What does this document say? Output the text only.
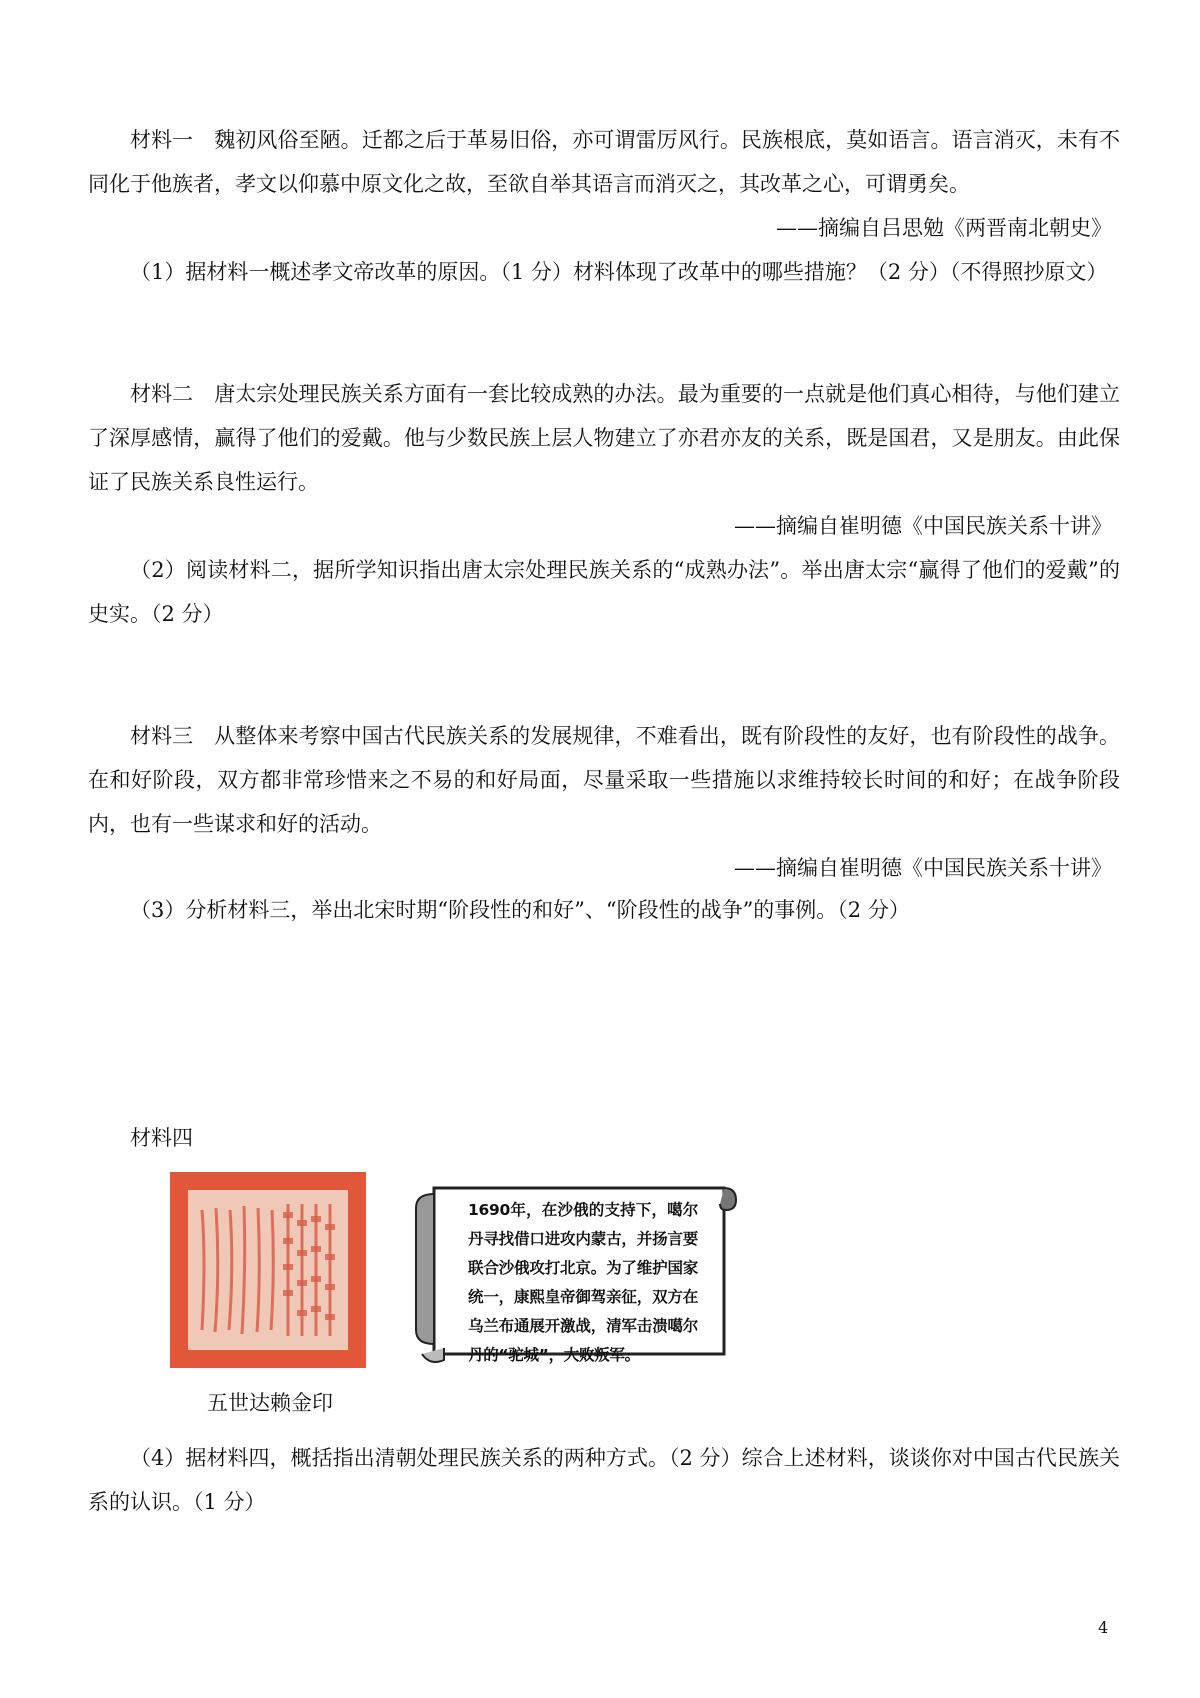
材料一　魏初风俗至陋。迁都之后于革易旧俗，亦可谓雷厉风行。民族根底，莫如语言。语言消灭，未有不同化于他族者，孝文以仰慕中原文化之故，至欲自举其语言而消灭之，其改革之心，可谓勇矣。

——摘编自吕思勉《两晋南北朝史》

（1）据材料一概述孝文帝改革的原因。（1 分）材料体现了改革中的哪些措施？（2 分）（不得照抄原文）

材料二　唐太宗处理民族关系方面有一套比较成熟的办法。最为重要的一点就是他们真心相待，与他们建立了深厚感情，赢得了他们的爱戴。他与少数民族上层人物建立了亦君亦友的关系，既是国君，又是朋友。由此保证了民族关系良性运行。

——摘编自崔明德《中国民族关系十讲》

（2）阅读材料二，据所学知识指出唐太宗处理民族关系的“成熟办法”。举出唐太宗“赢得了他们的爱戴”的史实。（2 分）

材料三　从整体来考察中国古代民族关系的发展规律，不难看出，既有阶段性的友好，也有阶段性的战争。在和好阶段，双方都非常珍惜来之不易的和好局面，尽量采取一些措施以求维持较长时间的和好；在战争阶段内，也有一些谋求和好的活动。

——摘编自崔明德《中国民族关系十讲》

（3）分析材料三，举出北宋时期“阶段性的和好”、“阶段性的战争”的事例。（2 分）

材料四

五世达赖金印

1690年，在沙俄的支持下，噶尔丹寻找借口进攻内蒙古，并扬言要联合沙俄攻打北京。为了维护国家统一，康熙皇帝御驾亲征，双方在乌兰布通展开激战，清军击溃噶尔丹的“驼城”，大败叛军。

（4）据材料四，概括指出清朝处理民族关系的两种方式。（2 分）综合上述材料，谈谈你对中国古代民族关系的认识。（1 分）

4
